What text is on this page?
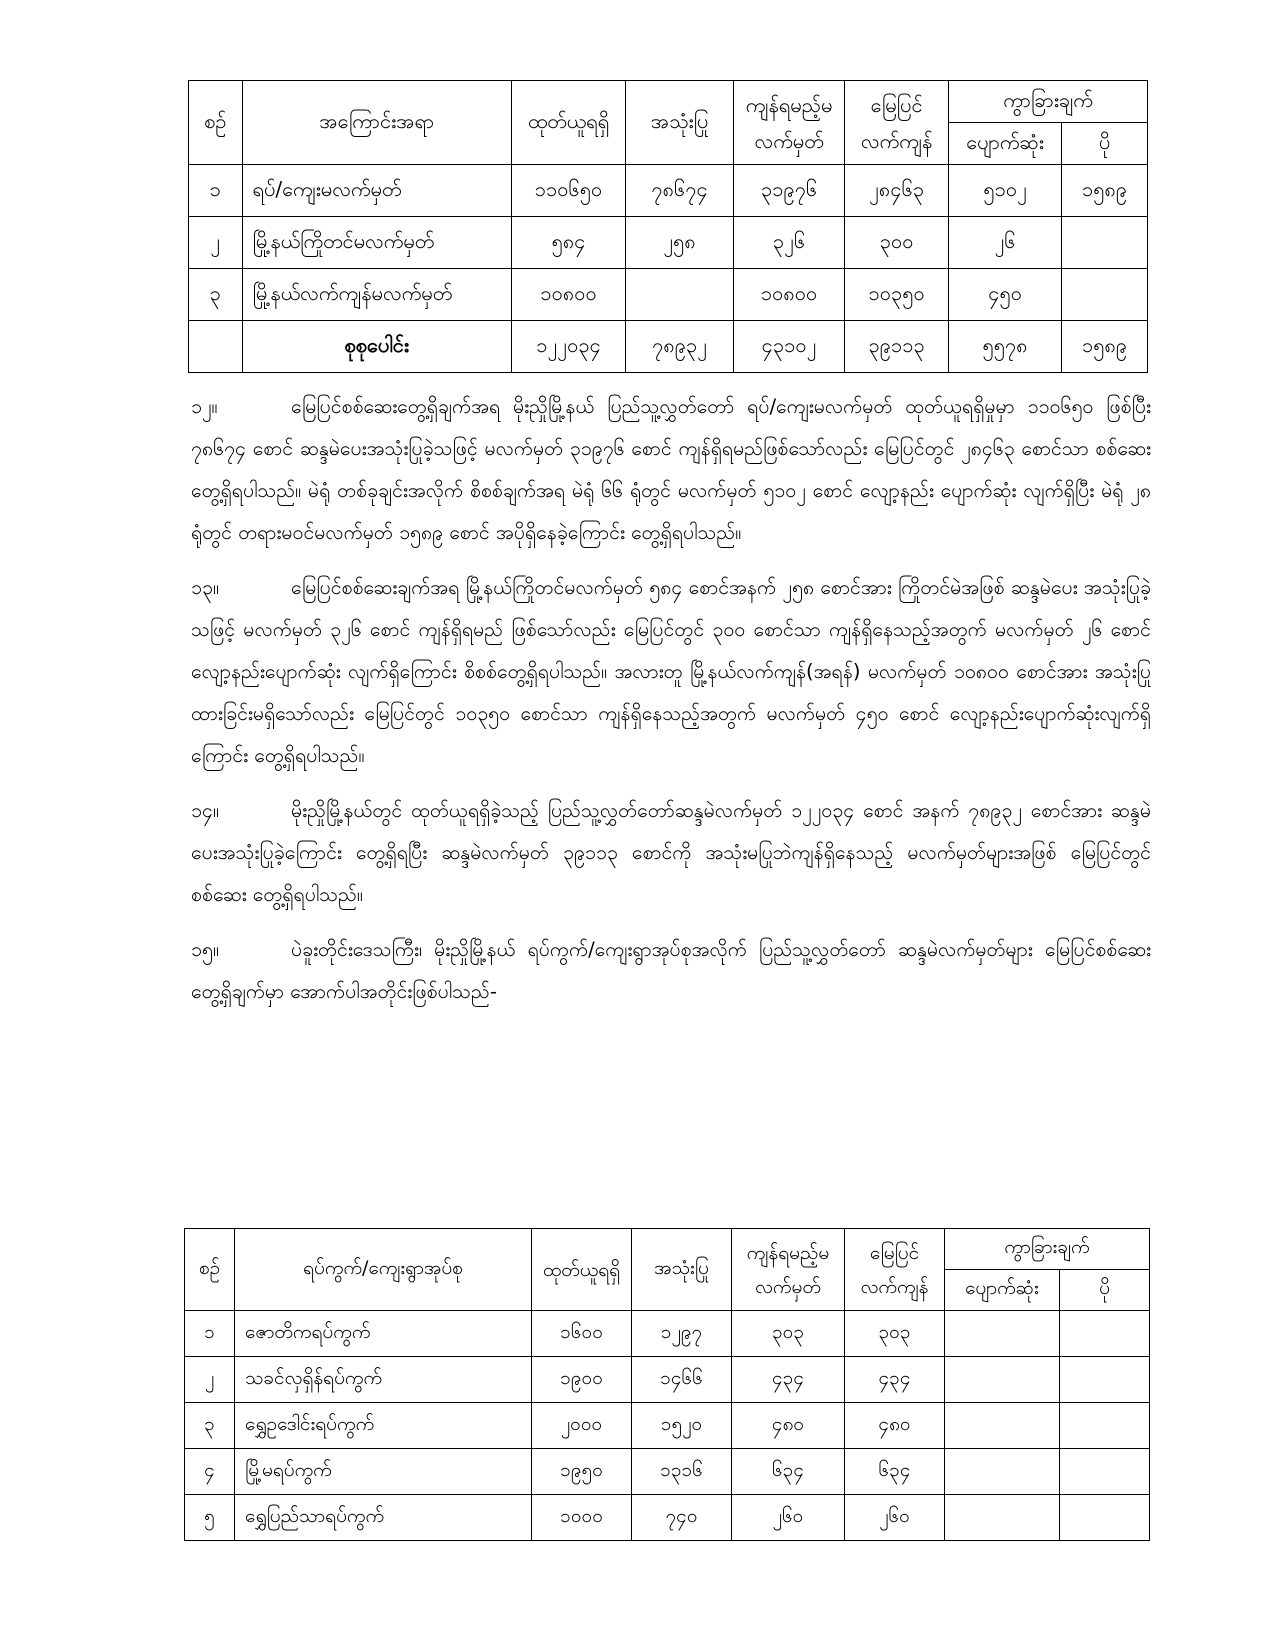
စဉ်	အကြောင်းအရာ	ထုတ်ယူရရှိ	အသုံးပြု	ကျန်ရမည့်မလက်မှတ်	မြေပြင်လက်ကျန်	ကွာခြားချက်	
						ပျောက်ဆုံး	ပို
၁	ရပ်/ကျေးမလက်မှတ်	၁၁၀၆၅၀	၇၈၆၇၄	၃၁၉၇၆	၂၈၄၆၃	၅၁၀၂	၁၅၈၉
၂	မြို့နယ်ကြိုတင်မလက်မှတ်	၅၈၄	၂၅၈	၃၂၆	၃၀၀	၂၆	
၃	မြို့နယ်လက်ကျန်မလက်မှတ်	၁၀၈၀၀		၁၀၈၀၀	၁၀၃၅၀	၄၅၀	
	စုစုပေါင်း	၁၂၂၀၃၄	၇၈၉၃၂	၄၃၁၀၂	၃၉၁၁၃	၅၅၇၈	၁၅၈၉

၁၂။	မြေပြင်စစ်ဆေးတွေ့ရှိချက်အရ မိုးညှိုမြို့နယ် ပြည်သူ့လွှတ်တော် ရပ်/ကျေးမလက်မှတ် ထုတ်ယူရရှိမှုမှာ ၁၁၀၆၅၀ ဖြစ်ပြီး ၇၈၆၇၄ စောင် ဆန္ဒမဲပေးအသုံးပြုခဲ့သဖြင့် မလက်မှတ် ၃၁၉၇၆ စောင် ကျန်ရှိရမည်ဖြစ်သော်လည်း မြေပြင်တွင် ၂၈၄၆၃ စောင်သာ စစ်ဆေးတွေ့ရှိရပါသည်။ မဲရုံ တစ်ခုချင်းအလိုက် စိစစ်ချက်အရ မဲရုံ ၆၆ ရုံတွင် မလက်မှတ် ၅၁၀၂ စောင် လျော့နည်း ပျောက်ဆုံး လျက်ရှိပြီး မဲရုံ ၂၈ ရုံတွင် တရားမဝင်မလက်မှတ် ၁၅၈၉ စောင် အပိုရှိနေခဲ့ကြောင်း တွေ့ရှိရပါသည်။

၁၃။	မြေပြင်စစ်ဆေးချက်အရ မြို့နယ်ကြိုတင်မလက်မှတ် ၅၈၄ စောင်အနက် ၂၅၈ စောင်အား ကြိုတင်မဲအဖြစ် ဆန္ဒမဲပေး အသုံးပြုခဲ့သဖြင့် မလက်မှတ် ၃၂၆ စောင် ကျန်ရှိရမည် ဖြစ်သော်လည်း မြေပြင်တွင် ၃၀၀ စောင်သာ ကျန်ရှိနေသည့်အတွက် မလက်မှတ် ၂၆ စောင် လျော့နည်းပျောက်ဆုံး လျက်ရှိကြောင်း စိစစ်တွေ့ရှိရပါသည်။ အလားတူ မြို့နယ်လက်ကျန်(အရန်) မလက်မှတ် ၁၀၈၀၀ စောင်အား အသုံးပြုထားခြင်းမရှိသော်လည်း မြေပြင်တွင် ၁၀၃၅၀ စောင်သာ ကျန်ရှိနေသည့်အတွက် မလက်မှတ် ၄၅၀ စောင် လျော့နည်းပျောက်ဆုံးလျက်ရှိကြောင်း တွေ့ရှိရပါသည်။

၁၄။	မိုးညှိုမြို့နယ်တွင် ထုတ်ယူရရှိခဲ့သည့် ပြည်သူ့လွှတ်တော်ဆန္ဒမဲလက်မှတ် ၁၂၂၀၃၄ စောင် အနက် ၇၈၉၃၂ စောင်အား ဆန္ဒမဲပေးအသုံးပြုခဲ့ကြောင်း တွေ့ရှိရပြီး ဆန္ဒမဲလက်မှတ် ၃၉၁၁၃ စောင်ကို အသုံးမပြုဘဲကျန်ရှိနေသည့် မလက်မှတ်များအဖြစ် မြေပြင်တွင်စစ်ဆေး တွေ့ရှိရပါသည်။

၁၅။	ပဲခူးတိုင်းဒေသကြီး၊ မိုးညှိုမြို့နယ် ရပ်ကွက်/ကျေးရွာအုပ်စုအလိုက် ပြည်သူ့လွှတ်တော် ဆန္ဒမဲလက်မှတ်များ မြေပြင်စစ်ဆေးတွေ့ရှိချက်မှာ အောက်ပါအတိုင်းဖြစ်ပါသည်-

စဉ်	ရပ်ကွက်/ကျေးရွာအုပ်စု	ထုတ်ယူရရှိ	အသုံးပြု	ကျန်ရမည့်မလက်မှတ်	မြေပြင်လက်ကျန်	ကွာခြားချက်	
						ပျောက်ဆုံး	ပို
၁	ဇောတိကရပ်ကွက်	၁၆၀၀	၁၂၉၇	၃၀၃	၃၀၃		
၂	သခင်လှရှိန်ရပ်ကွက်	၁၉၀၀	၁၄၆၆	၄၃၄	၄၃၄		
၃	ရွှေဥဒေါင်းရပ်ကွက်	၂၀၀၀	၁၅၂၀	၄၈၀	၄၈၀		
၄	မြို့မရပ်ကွက်	၁၉၅၀	၁၃၁၆	၆၃၄	၆၃၄		
၅	ရွှေပြည်သာရပ်ကွက်	၁၀၀၀	၇၄၀	၂၆၀	၂၆၀		
